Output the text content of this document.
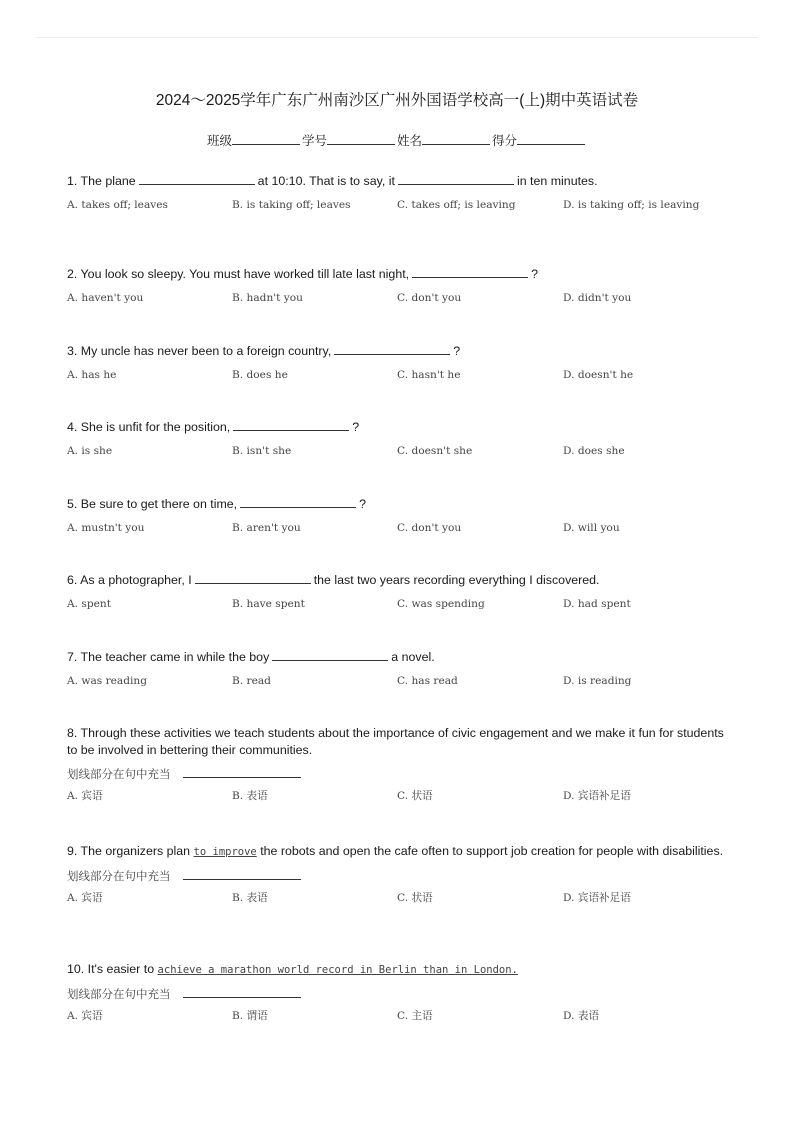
2024～2025学年广东广州南沙区广州外国语学校高一(上)期中英语试卷
班级	学号	姓名	得分
1. The plane	at 10:10. That is to say, it	in ten minutes.
A. takes off; leaves	B. is taking off; leaves	C. takes off; is leaving	D. is taking off; is leaving
2. You look so sleepy. You must have worked till late last night,	?
A. haven't you	B. hadn't you	C. don't you	D. didn't you
3. My uncle has never been to a foreign country,	?
A. has he	B. does he	C. hasn't he	D. doesn't he
4. She is unfit for the position,	?
A. is she	B. isn't she	C. doesn't she	D. does she
5. Be sure to get there on time,	?
A. mustn't you	B. aren't you	C. don't you	D. will you
6. As a photographer, I	the last two years recording everything I discovered.
A. spent	B. have spent	C. was spending	D. had spent
7. The teacher came in while the boy	a novel.
A. was reading	B. read	C. has read	D. is reading
8. Through these activities we teach students about the importance of civic engagement and we make it fun for students to be involved in bettering their communities.
划线部分在句中充当
A. 宾语	B. 表语	C. 状语	D. 宾语补足语
9. The organizers plan to improve the robots and open the cafe often to support job creation for people with disabilities.
划线部分在句中充当
A. 宾语	B. 表语	C. 状语	D. 宾语补足语
10. It's easier to achieve a marathon world record in Berlin than in London.
划线部分在句中充当
A. 宾语	B. 谓语	C. 主语	D. 表语
